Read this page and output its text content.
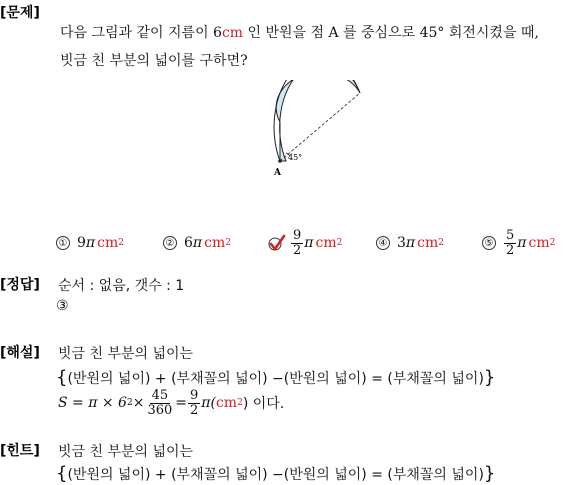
[문제]
다음 그림과 같이 지름이 6cm 인 반원을 점 A 를 중심으로 45° 회전시켰을 때,
빗금 친 부분의 넓이를 구하면?
45°
A
① 9 π cm 2	② 6 π cm 2	$\frac{9}{2}$ π cm 2	④ 3 π cm 2	⑤ $\frac{5}{2}$ π cm 2
[정답] 순서 : 없음, 갯수 : 1
③
[해설] 빗금 친 부분의 넓이는
{(반원의 넓이) + (부채꼴의 넓이) −(반원의 넓이) = (부채꼴의 넓이)}
S = π × 6 $2 \times \frac{45}{360} = \frac{9}{2} \pi$( cm 2 ) 이다.
[힌트] 빗금 친 부분의 넓이는
{(반원의 넓이) + (부채꼴의 넓이) −(반원의 넓이) = (부채꼴의 넓이)}
